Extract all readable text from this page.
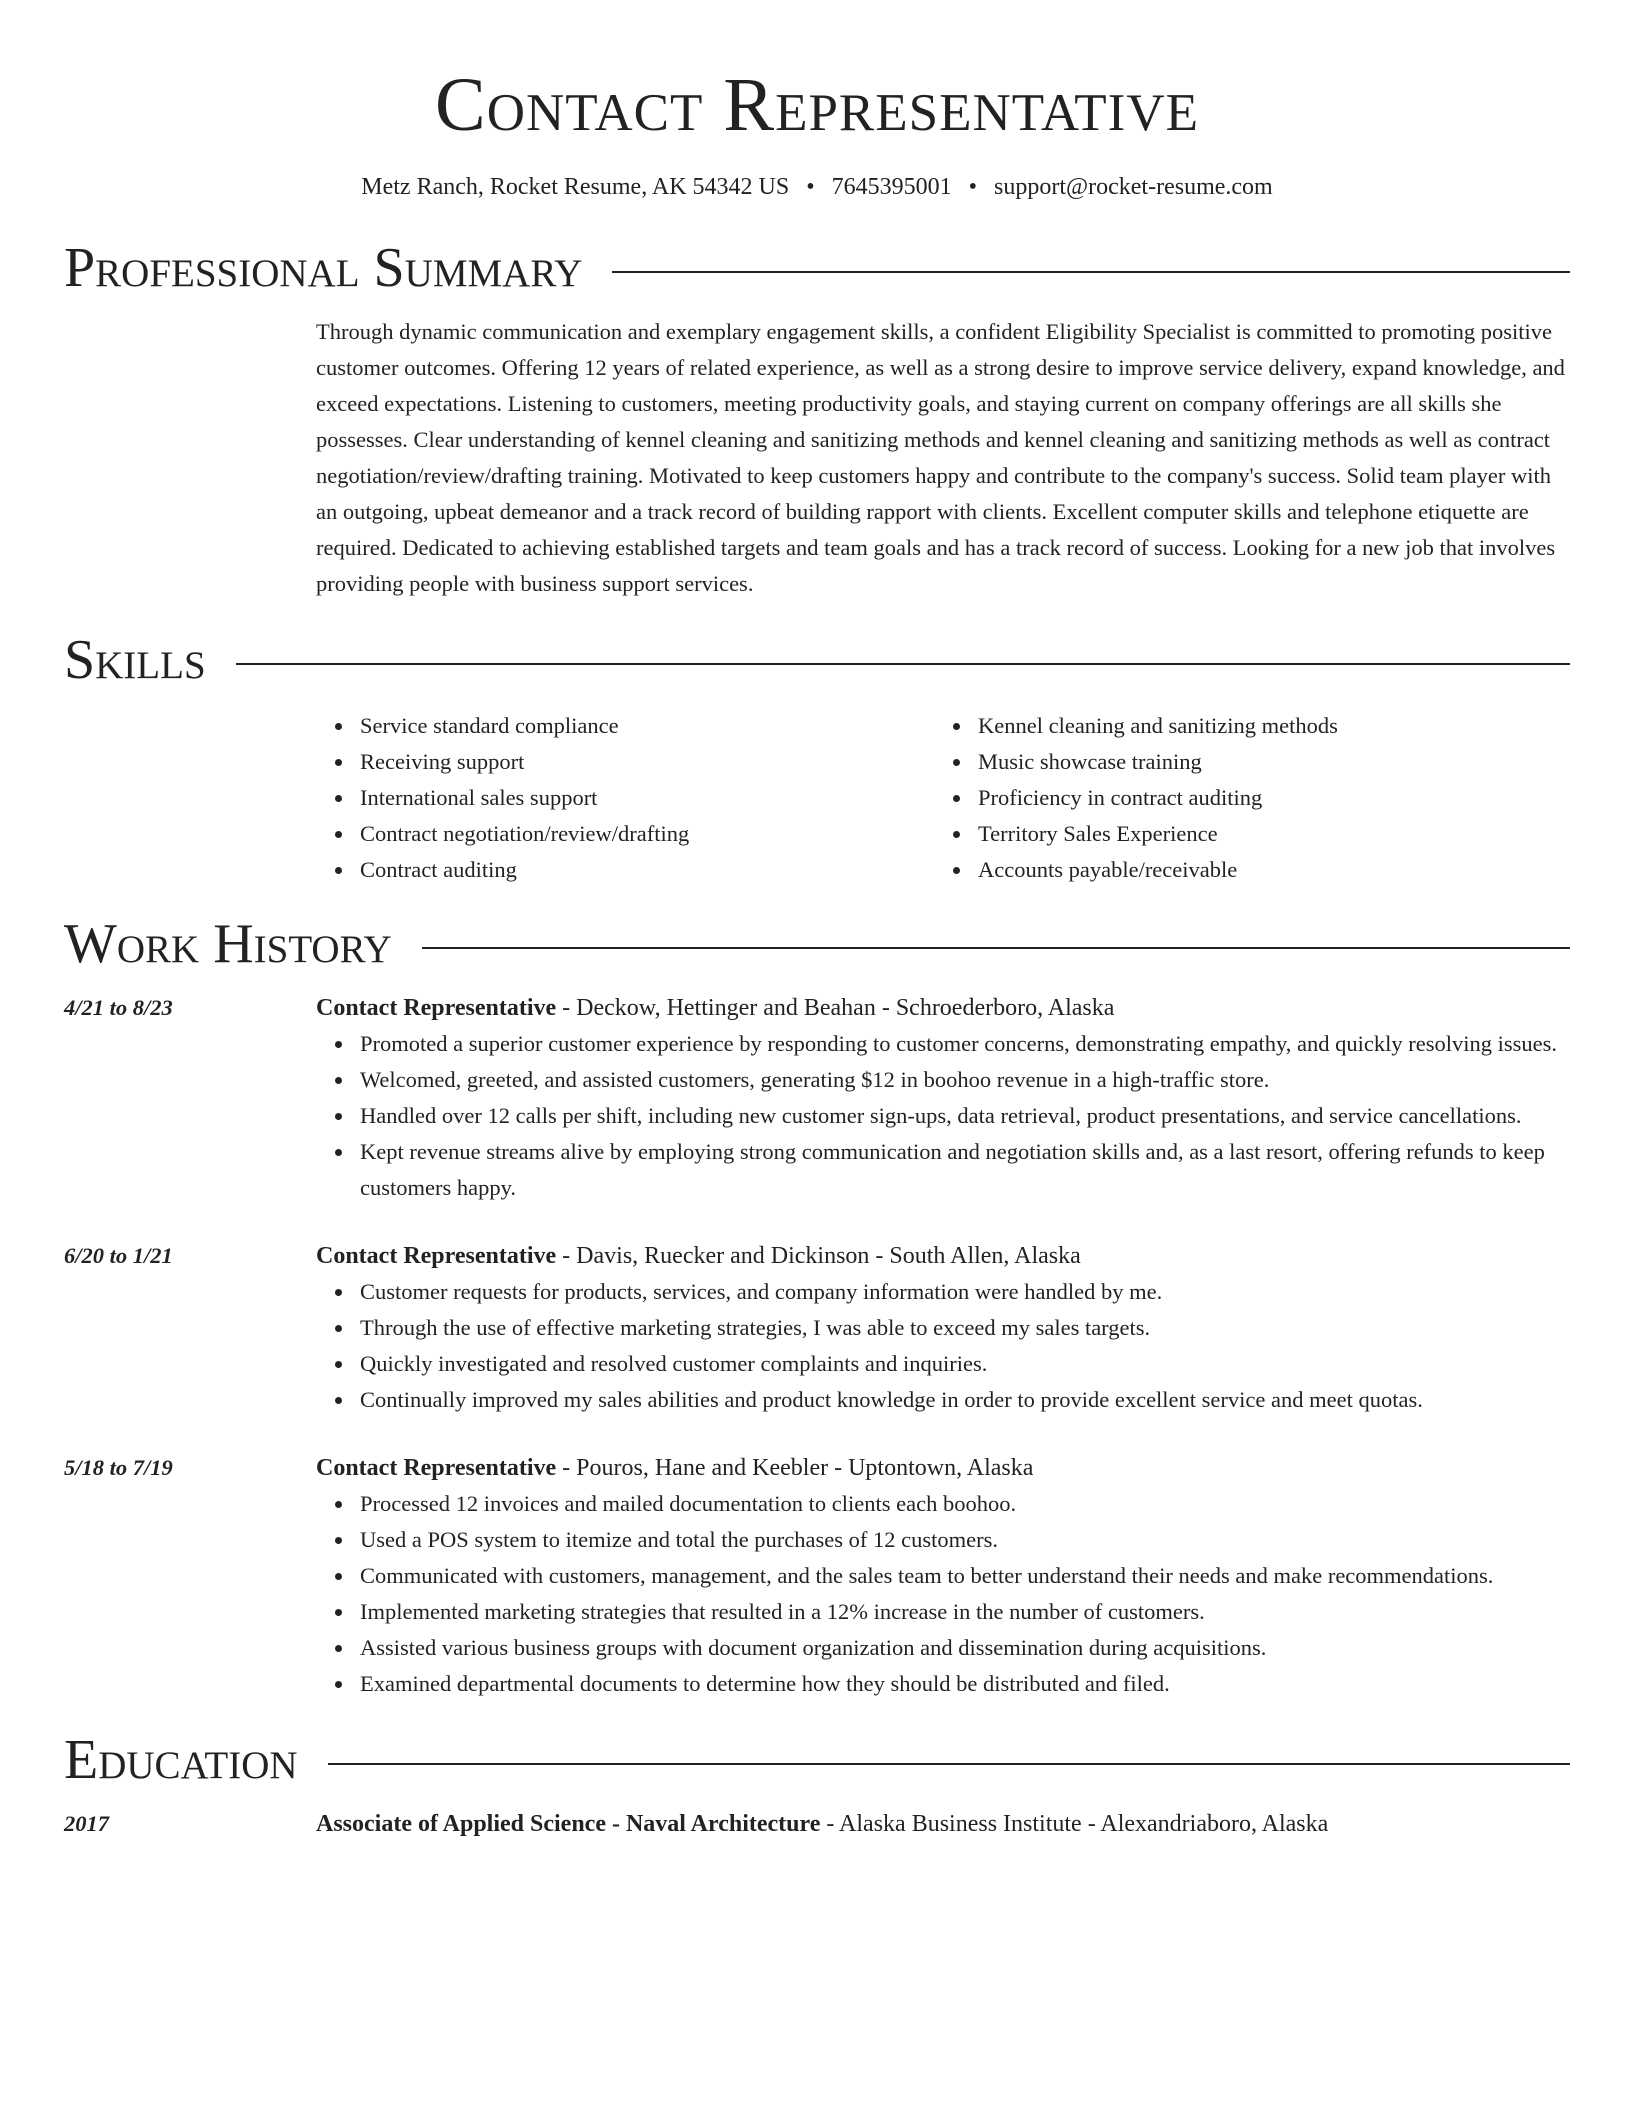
Contact Representative
Metz Ranch, Rocket Resume, AK 54342 US • 7645395001 • support@rocket-resume.com
Professional Summary

Through dynamic communication and exemplary engagement skills, a confident Eligibility Specialist is committed to promoting positive customer outcomes. Offering 12 years of related experience, as well as a strong desire to improve service delivery, expand knowledge, and exceed expectations. Listening to customers, meeting productivity goals, and staying current on company offerings are all skills she possesses. Clear understanding of kennel cleaning and sanitizing methods and kennel cleaning and sanitizing methods as well as contract negotiation/review/drafting training. Motivated to keep customers happy and contribute to the company's success. Solid team player with an outgoing, upbeat demeanor and a track record of building rapport with clients. Excellent computer skills and telephone etiquette are required. Dedicated to achieving established targets and team goals and has a track record of success. Looking for a new job that involves providing people with business support services.

Skills
Service standard compliance
Receiving support
International sales support
Contract negotiation/review/drafting
Contract auditing
Kennel cleaning and sanitizing methods
Music showcase training
Proficiency in contract auditing
Territory Sales Experience
Accounts payable/receivable
Work History
4/21 to 8/23	Contact Representative - Deckow, Hettinger and Beahan - Schroederboro, Alaska
Promoted a superior customer experience by responding to customer concerns, demonstrating empathy, and quickly resolving issues.
Welcomed, greeted, and assisted customers, generating $12 in boohoo revenue in a high-traffic store.
Handled over 12 calls per shift, including new customer sign-ups, data retrieval, product presentations, and service cancellations.
Kept revenue streams alive by employing strong communication and negotiation skills and, as a last resort, offering refunds to keep customers happy.
6/20 to 1/21	Contact Representative - Davis, Ruecker and Dickinson - South Allen, Alaska
Customer requests for products, services, and company information were handled by me.
Through the use of effective marketing strategies, I was able to exceed my sales targets.
Quickly investigated and resolved customer complaints and inquiries.
Continually improved my sales abilities and product knowledge in order to provide excellent service and meet quotas.
5/18 to 7/19	Contact Representative - Pouros, Hane and Keebler - Uptontown, Alaska
Processed 12 invoices and mailed documentation to clients each boohoo.
Used a POS system to itemize and total the purchases of 12 customers.
Communicated with customers, management, and the sales team to better understand their needs and make recommendations.
Implemented marketing strategies that resulted in a 12% increase in the number of customers.
Assisted various business groups with document organization and dissemination during acquisitions.
Examined departmental documents to determine how they should be distributed and filed.
Education
2017	Associate of Applied Science - Naval Architecture - Alaska Business Institute - Alexandriaboro, Alaska
